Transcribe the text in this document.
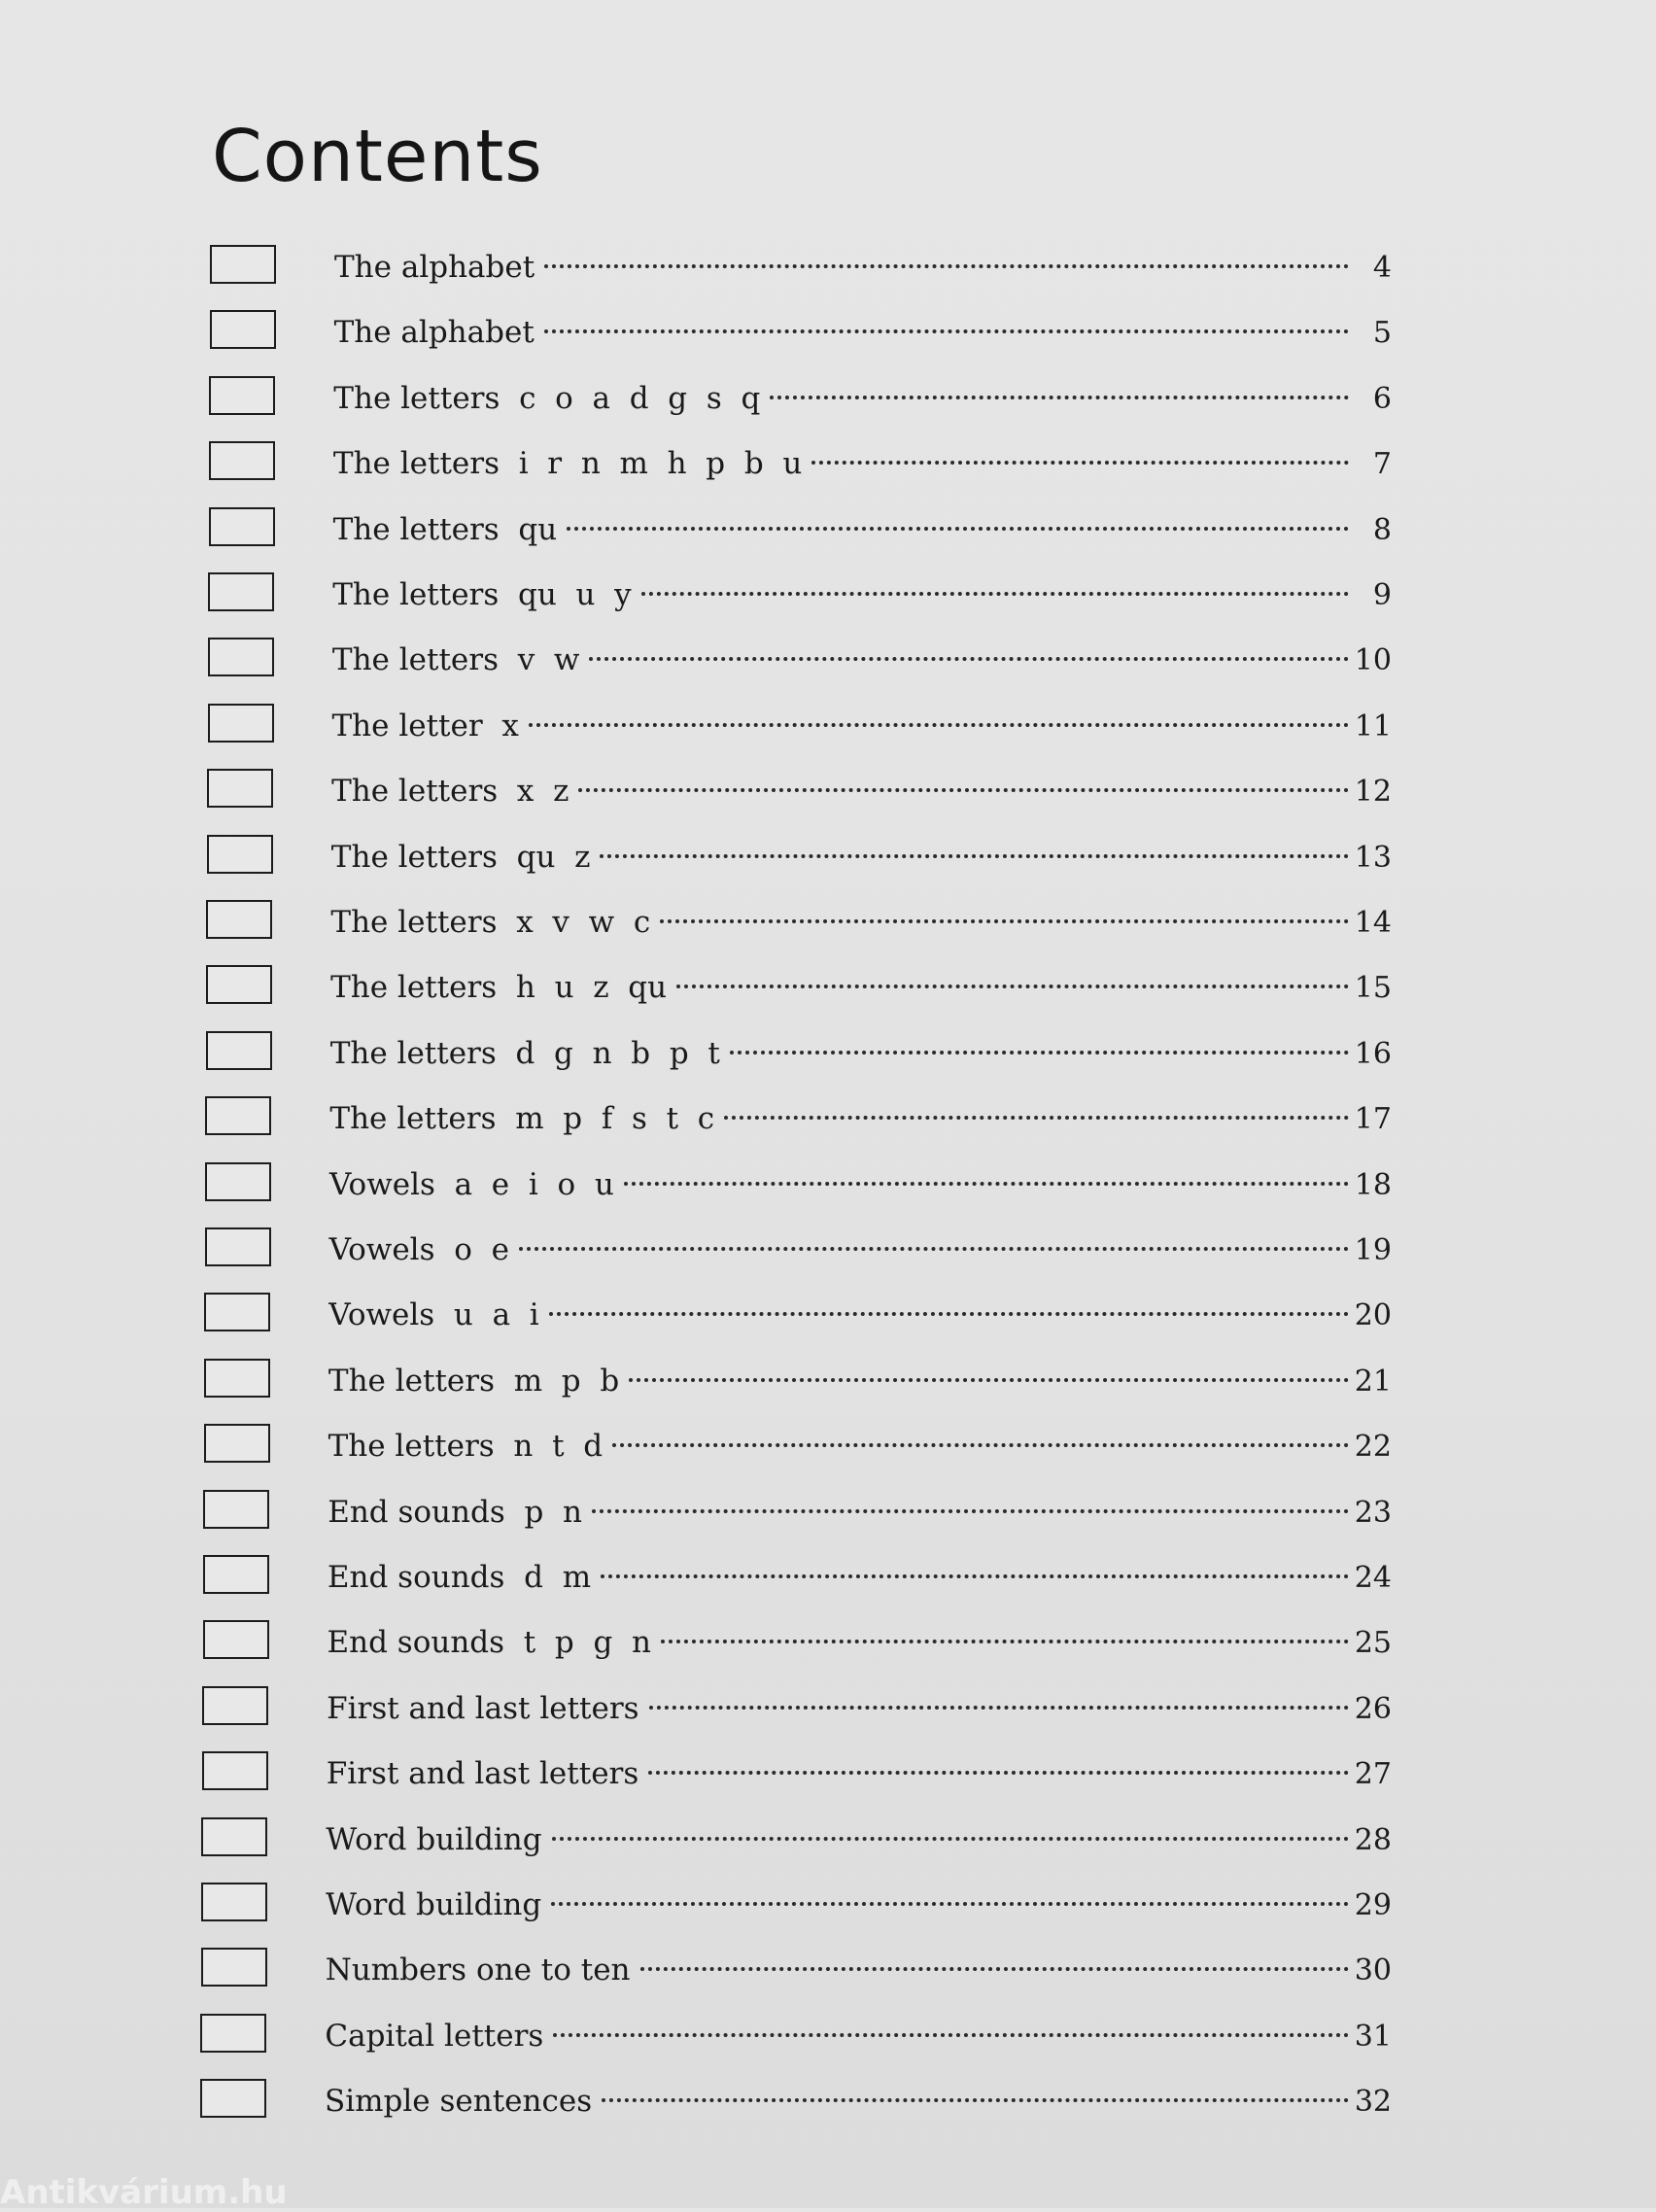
Contents
The alphabet	4
The alphabet	5
The letters  c  o  a  d  g  s  q	6
The letters  i  r  n  m  h  p  b  u	7
The letters  qu	8
The letters  qu  u  y	9
The letters  v  w	10
The letter  x	11
The letters  x  z	12
The letters  qu  z	13
The letters  x  v  w  c	14
The letters  h  u  z  qu	15
The letters  d  g  n  b  p  t	16
The letters  m  p  f  s  t  c	17
Vowels  a  e  i  o  u	18
Vowels  o  e	19
Vowels  u  a  i	20
The letters  m  p  b	21
The letters  n  t  d	22
End sounds  p  n	23
End sounds  d  m	24
End sounds  t  p  g  n	25
First and last letters	26
First and last letters	27
Word building	28
Word building	29
Numbers one to ten	30
Capital letters	31
Simple sentences	32
Antikvárium.hu
